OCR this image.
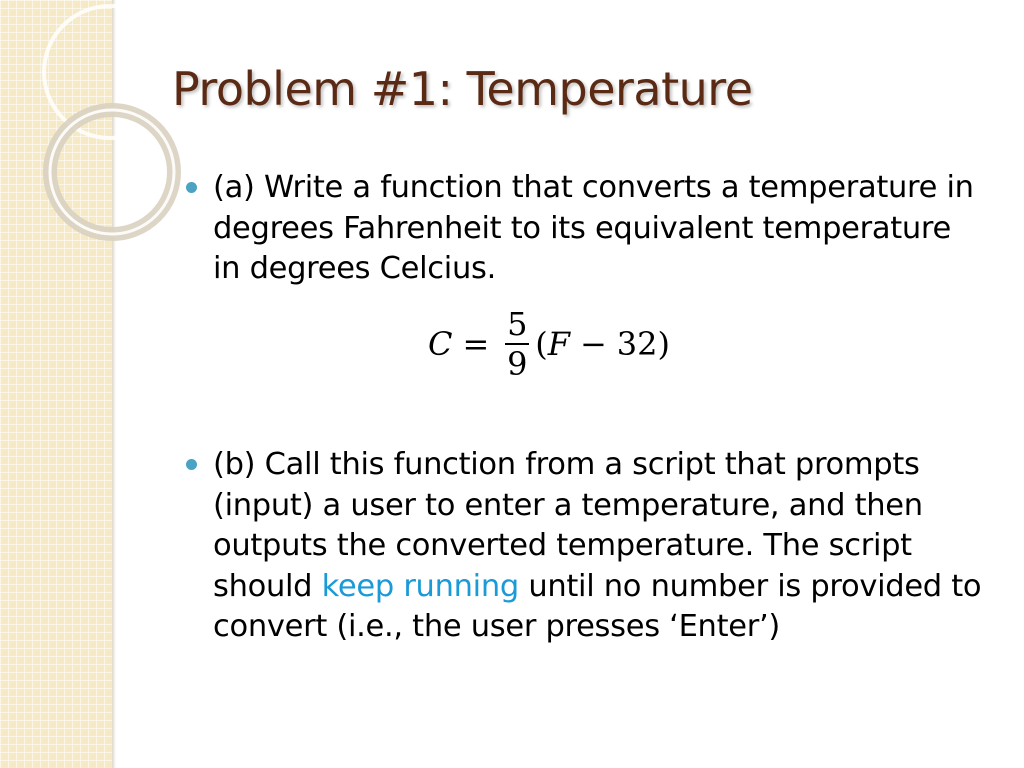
Problem #1: Temperature
(a) Write a function that converts a temperature in degrees Fahrenheit to its equivalent temperature in degrees Celcius.
(b) Call this function from a script that prompts (input) a user to enter a temperature, and then outputs the converted temperature. The script should keep running until no number is provided to convert (i.e., the user presses ‘Enter’)
$C = \frac{5}{9}$ ( F − 32 )
